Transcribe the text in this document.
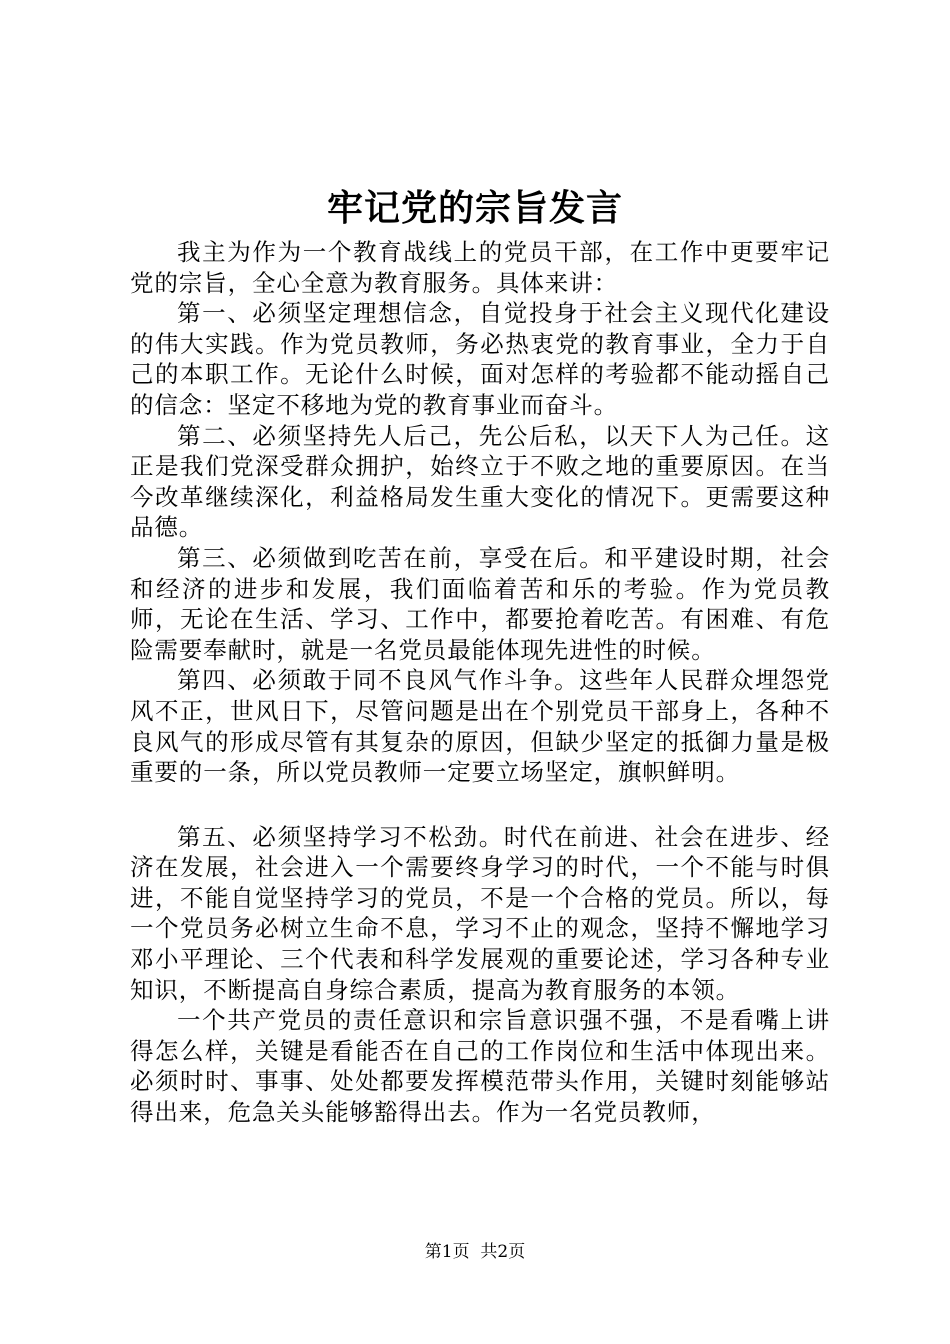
牢记党的宗旨发言

我主为作为一个教育战线上的党员干部，在工作中更要牢记党的宗旨，全心全意为教育服务。具体来讲：

第一、必须坚定理想信念，自觉投身于社会主义现代化建设的伟大实践。作为党员教师，务必热衷党的教育事业，全力于自己的本职工作。无论什么时候，面对怎样的考验都不能动摇自己的信念：坚定不移地为党的教育事业而奋斗。

第二、必须坚持先人后己，先公后私，以天下人为己任。这正是我们党深受群众拥护，始终立于不败之地的重要原因。在当今改革继续深化，利益格局发生重大变化的情况下。更需要这种品德。

第三、必须做到吃苦在前，享受在后。和平建设时期，社会和经济的进步和发展，我们面临着苦和乐的考验。作为党员教师，无论在生活、学习、工作中，都要抢着吃苦。有困难、有危险需要奉献时，就是一名党员最能体现先进性的时候。

第四、必须敢于同不良风气作斗争。这些年人民群众埋怨党风不正，世风日下，尽管问题是出在个别党员干部身上，各种不良风气的形成尽管有其复杂的原因，但缺少坚定的抵御力量是极重要的一条，所以党员教师一定要立场坚定，旗帜鲜明。

第五、必须坚持学习不松劲。时代在前进、社会在进步、经济在发展，社会进入一个需要终身学习的时代，一个不能与时俱进，不能自觉坚持学习的党员，不是一个合格的党员。所以，每一个党员务必树立生命不息，学习不止的观念，坚持不懈地学习邓小平理论、三个代表和科学发展观的重要论述，学习各种专业知识，不断提高自身综合素质，提高为教育服务的本领。

一个共产党员的责任意识和宗旨意识强不强，不是看嘴上讲得怎么样，关键是看能否在自己的工作岗位和生活中体现出来。必须时时、事事、处处都要发挥模范带头作用，关键时刻能够站得出来，危急关头能够豁得出去。作为一名党员教师，

第1页 共2页
